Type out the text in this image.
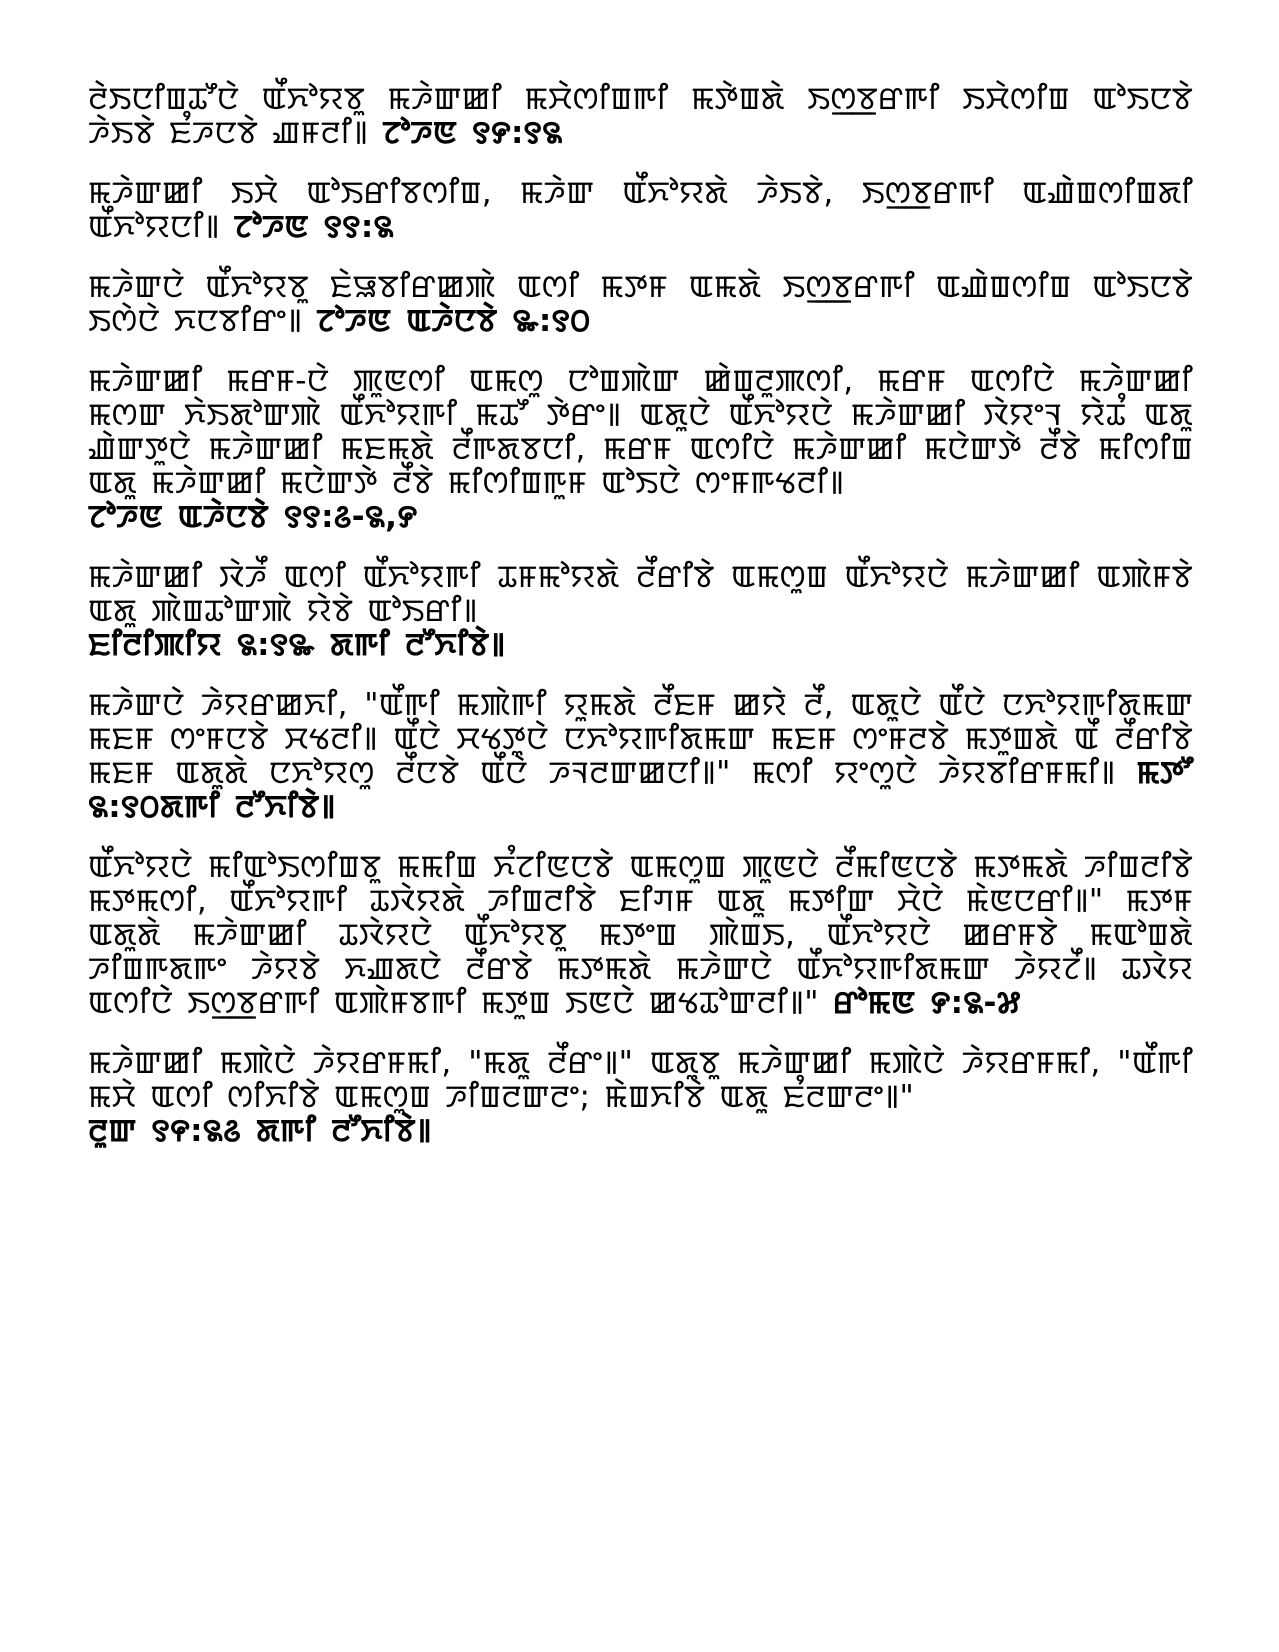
ꯂꯥꯏꯅꯤꯡꯊꯧꯅꯥ ꯑꯩꯈꯣꯌꯕꯨ ꯃꯍꯥꯛꯀꯤ ꯃꯆꯥꯁꯤꯡꯒꯤ ꯃꯇꯥꯡꯗꯥ ꯏꯁ꯭ꯕꯔꯒꯤ ꯏꯆꯥꯁꯤꯡ ꯑꯣꯏꯅꯕꯥ ꯍꯥꯏꯕꯥ ꯐꯪꯍꯅꯕꯥ ꯉꯝꯂꯤ꯫ ꯖꯣꯍꯟ ꯱꯸:꯱꯲

ꯃꯍꯥꯛꯀꯤ ꯏꯆꯥ ꯑꯣꯏꯔꯤꯕꯁꯤꯡ, ꯃꯍꯥꯛ ꯑꯩꯈꯣꯌꯗꯥ ꯍꯥꯏꯕꯥ, ꯏꯁ꯭ꯕꯔꯒꯤ ꯑꯉꯥꯡꯁꯤꯡꯗꯤ ꯑꯩꯈꯣꯌꯅꯤ꯫ ꯖꯣꯍꯟ ꯱꯱:꯲

ꯃꯍꯥꯛꯅꯥ ꯑꯩꯈꯣꯌꯕꯨ ꯐꯥꯎꯕꯤꯔꯀꯄꯥ ꯑꯁꯤ ꯃꯇꯝ ꯑꯃꯗꯥ ꯏꯁ꯭ꯕꯔꯒꯤ ꯑꯉꯥꯡꯁꯤꯡ ꯑꯣꯏꯅꯕꯥ ꯏꯁꯥꯅꯥ ꯈꯅꯕꯤꯔꯦ꯫ ꯖꯣꯍꯟ ꯑꯍꯥꯅꯕꯥ ꯳:꯱꯰

ꯃꯍꯥꯛꯀꯤ ꯃꯔꯝ-ꯅꯥ ꯄꯨꯟꯁꯤ ꯑꯃꯁꯨ ꯅꯣꯡꯄꯥꯛ ꯀꯥꯡꯂꯨꯄꯁꯤ, ꯃꯔꯝ ꯑꯁꯤꯅꯥ ꯃꯍꯥꯛꯀꯤ ꯃꯁꯛ ꯈꯥꯏꯗꯣꯛꯄꯥ ꯑꯩꯈꯣꯌꯒꯤ ꯃꯊꯧ ꯇꯥꯔꯦ꯫ ꯑꯗꯨꯅꯥ ꯑꯩꯈꯣꯌꯅꯥ ꯃꯍꯥꯛꯀꯤ ꯋꯥꯌꯦꯜ ꯌꯥꯊꯪ ꯑꯗꯨ ꯉꯥꯛꯇꯨꯅꯥ ꯃꯍꯥꯛꯀꯤ ꯃꯐꯃꯗꯥ ꯂꯩꯒꯗꯕꯅꯤ, ꯃꯔꯝ ꯑꯁꯤꯅꯥ ꯃꯍꯥꯛꯀꯤ ꯃꯅꯥꯛꯇꯥ ꯂꯩꯕꯥ ꯃꯤꯁꯤꯡ ꯑꯗꯨ ꯃꯍꯥꯛꯀꯤ ꯃꯅꯥꯛꯇꯥ ꯂꯩꯕꯥ ꯃꯤꯁꯤꯡꯒꯨꯝ ꯑꯣꯏꯅꯥ ꯁꯦꯝꯒꯠꯂꯤ꯫
ꯖꯣꯍꯟ ꯑꯍꯥꯅꯕꯥ ꯱꯱:꯴-꯲,꯸

ꯃꯍꯥꯛꯀꯤ ꯋꯥꯍꯩ ꯑꯁꯤ ꯑꯩꯈꯣꯌꯒꯤ ꯊꯝꯃꯣꯌꯗꯥ ꯂꯩꯔꯤꯕꯥ ꯑꯃꯁꯨꯡ ꯑꯩꯈꯣꯌꯅꯥ ꯃꯍꯥꯛꯀꯤ ꯑꯄꯥꯝꯕꯥ ꯑꯗꯨ ꯄꯥꯡꯊꯣꯛꯄꯥ ꯌꯥꯕꯥ ꯑꯣꯏꯔꯤ꯫
ꯐꯤꯂꯤꯄꯤꯌ ꯲:꯱꯳ ꯗꯒꯤ ꯂꯧꯈꯤꯕꯥ꯫

ꯃꯍꯥꯛꯅꯥ ꯍꯥꯌꯔꯀꯈꯤ, "ꯑꯩꯒꯤ ꯃꯄꯥꯒꯤ ꯌꯨꯃꯗꯥ ꯂꯩꯐꯝ ꯀꯌꯥ ꯂꯩ, ꯑꯗꯨꯅꯥ ꯑꯩꯅꯥ ꯅꯈꯣꯌꯒꯤꯗꯃꯛ ꯃꯐꯝ ꯁꯦꯝꯅꯕꯥ ꯆꯠꯂꯤ꯫ ꯑꯩꯅꯥ ꯆꯠꯇꯨꯅꯥ ꯅꯈꯣꯌꯒꯤꯗꯃꯛ ꯃꯐꯝ ꯁꯦꯝꯂꯕꯥ ꯃꯇꯨꯡꯗꯥ ꯑꯩ ꯂꯩꯔꯤꯕꯥ ꯃꯐꯝ ꯑꯗꯨꯗꯥ ꯅꯈꯣꯌꯁꯨ ꯂꯩꯅꯕꯥ ꯑꯩꯅꯥ ꯍꯜꯂꯛꯀꯅꯤ꯫" ꯃꯁꯤ ꯌꯦꯁꯨꯅꯥ ꯍꯥꯌꯕꯤꯔꯝꯃꯤ꯫ ꯃꯇꯧ ꯲:꯱꯰ꯗꯒꯤ ꯂꯧꯈꯤꯕꯥ꯫

ꯑꯩꯈꯣꯌꯅꯥ ꯃꯤꯑꯣꯏꯁꯤꯡꯕꯨ ꯃꯃꯤꯡ ꯈꯪꯖꯤꯟꯅꯕꯥ ꯑꯃꯁꯨꯡ ꯄꯨꯟꯅꯥ ꯂꯩꯃꯤꯟꯅꯕꯥ ꯃꯇꯃꯗꯥ ꯍꯤꯡꯂꯤꯕꯥ ꯃꯇꯃꯁꯤ, ꯑꯩꯈꯣꯌꯒꯤ ꯊꯋꯥꯌꯗꯥ ꯍꯤꯡꯂꯤꯕꯥ ꯐꯤꯚꯝ ꯑꯗꯨ ꯃꯇꯤꯛ ꯆꯥꯅꯥ ꯃꯥꯟꯅꯔꯤ꯫" ꯃꯇꯝ ꯑꯗꯨꯗꯥ ꯃꯍꯥꯛꯀꯤ ꯊꯋꯥꯌꯅꯥ ꯑꯩꯈꯣꯌꯕꯨ ꯃꯇꯦꯡ ꯄꯥꯡꯏ, ꯑꯩꯈꯣꯌꯅꯥ ꯀꯔꯝꯕꯥ ꯃꯑꯣꯡꯗꯥ ꯍꯤꯡꯒꯗꯒꯦ ꯍꯥꯌꯕꯥ ꯈꯉꯗꯅꯥ ꯂꯩꯔꯕꯥ ꯃꯇꯃꯗꯥ ꯃꯍꯥꯛꯅꯥ ꯑꯩꯈꯣꯌꯒꯤꯗꯃꯛ ꯍꯥꯌꯖꯩ꯫ ꯊꯋꯥꯌ ꯑꯁꯤꯅꯥ ꯏꯁ꯭ꯕꯔꯒꯤ ꯑꯄꯥꯝꯕꯒꯤ ꯃꯇꯨꯡ ꯏꯟꯅꯥ ꯀꯠꯊꯣꯛꯂꯤ꯫" ꯔꯣꯃꯟ ꯸:꯲-꯷

ꯃꯍꯥꯛꯀꯤ ꯃꯄꯥꯅꯥ ꯍꯥꯌꯔꯝꯃꯤ, "ꯃꯗꯨ ꯂꯩꯔꯦ꯫" ꯑꯗꯨꯕꯨ ꯃꯍꯥꯛꯀꯤ ꯃꯄꯥꯅꯥ ꯍꯥꯌꯔꯝꯃꯤ, "ꯑꯩꯒꯤ ꯃꯆꯥ ꯑꯁꯤ ꯁꯤꯈꯤꯕꯥ ꯑꯃꯁꯨꯡ ꯍꯤꯡꯂꯛꯂꯦ; ꯃꯥꯡꯈꯤꯕꯥ ꯑꯗꯨ ꯐꯪꯂꯛꯂꯦ꯫"
ꯂꯨꯛ ꯱꯵:꯲꯴ ꯗꯒꯤ ꯂꯧꯈꯤꯕꯥ꯫
